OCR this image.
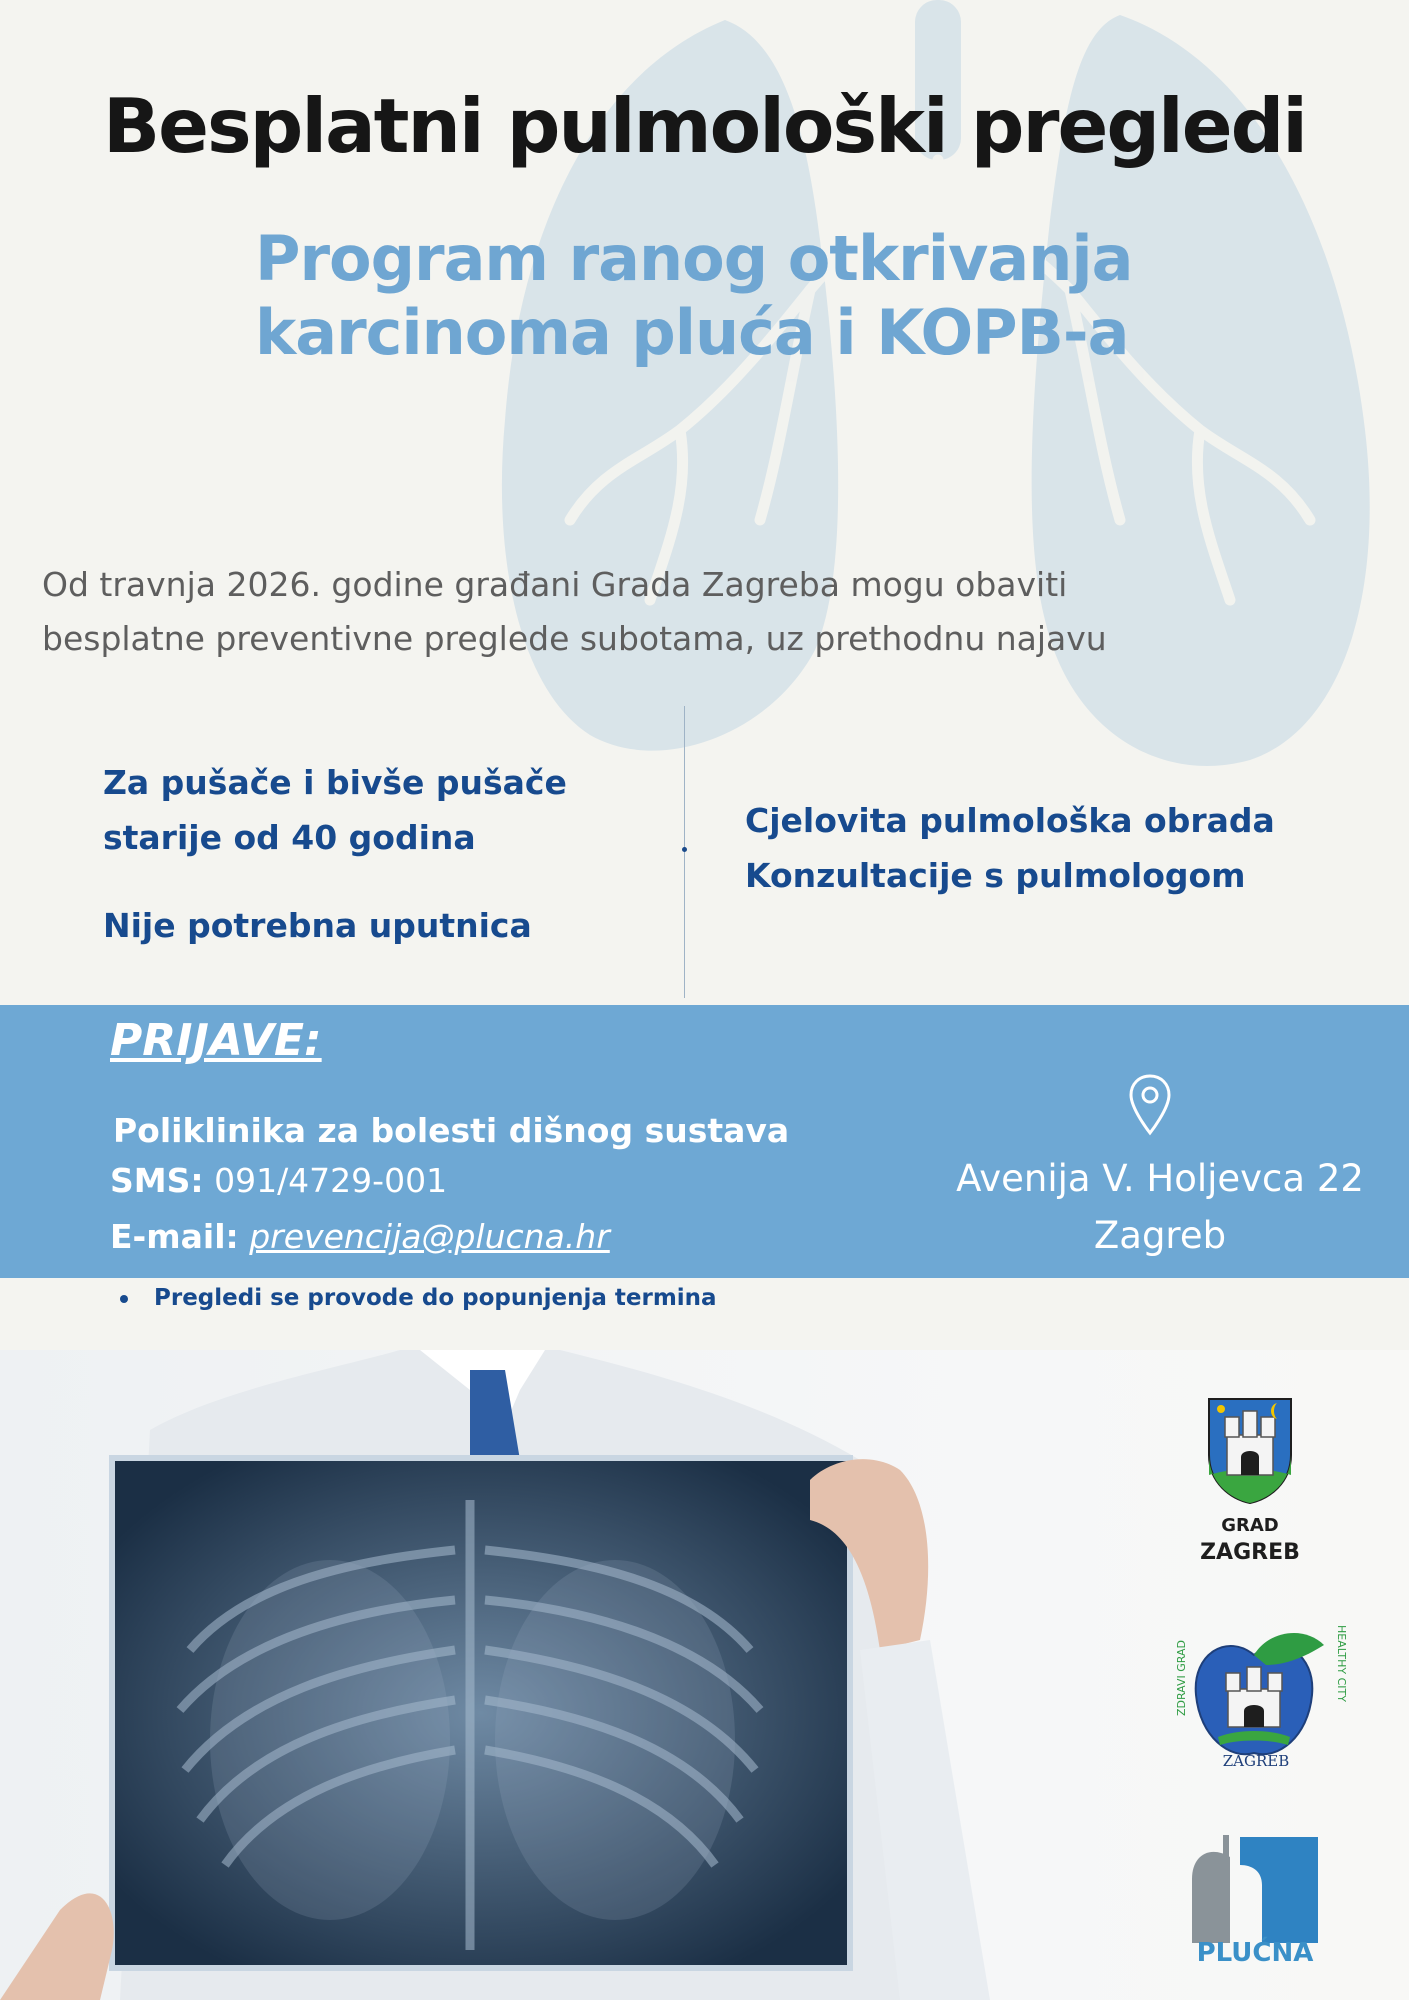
Besplatni pulmološki pregledi
Program ranog otkrivanja
karcinoma pluća i KOPB-a

Od travnja 2026. godine građani Grada Zagreba mogu obaviti
besplatne preventivne preglede subotama, uz prethodnu najavu

Za pušače i bivše pušače
starije od 40 godina

Nije potrebna uputnica

Cjelovita pulmološka obrada
Konzultacije s pulmologom

PRIJAVE:
Poliklinika za bolesti dišnog sustava
SMS: 091/4729-001
E-mail: prevencija@plucna.hr
Avenija V. Holjevca 22
Zagreb
Pregledi se provode do popunjenja termina
GRAD
ZAGREB
ZDRAVI GRAD	HEALTHY CITY
ZAGREB
PLUĆNA
